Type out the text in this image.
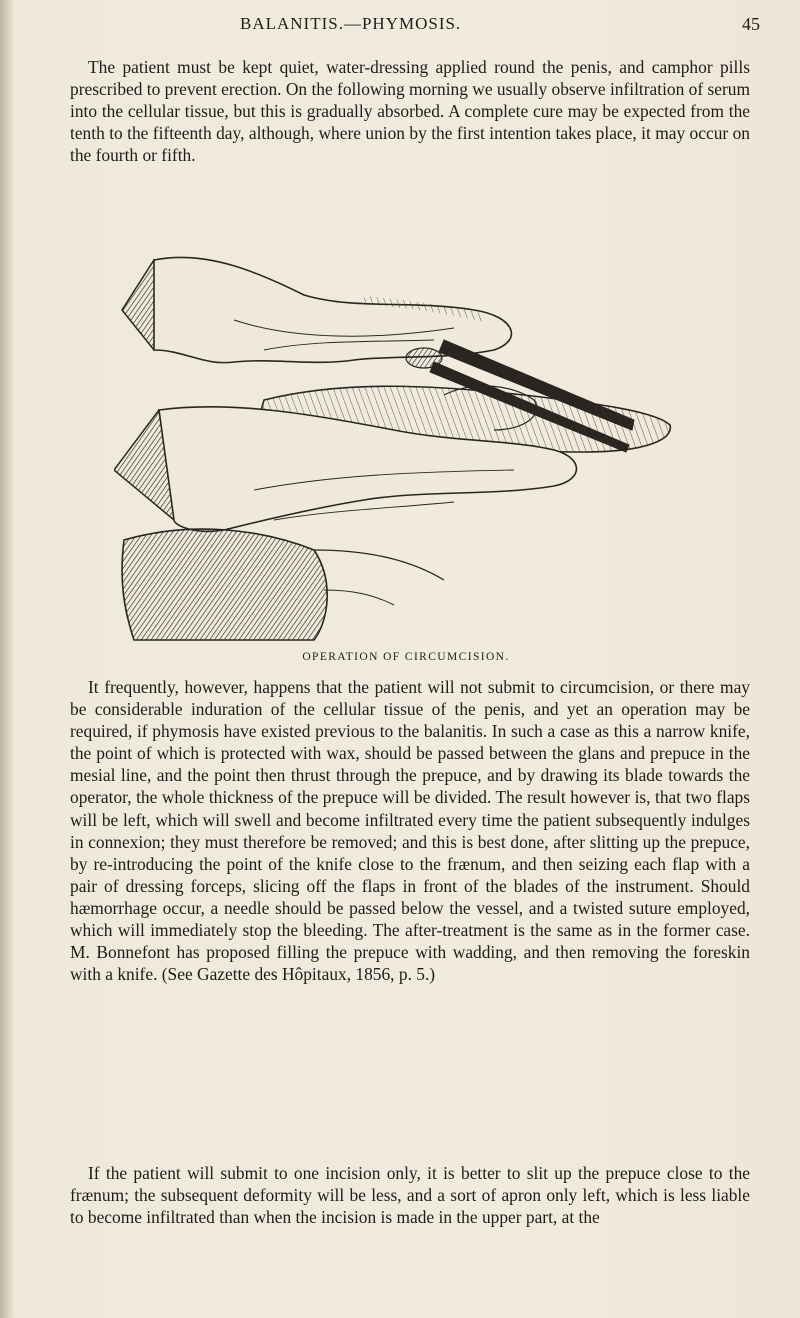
BALANITIS.—PHYMOSIS.	45

The patient must be kept quiet, water-dressing applied round the penis, and camphor pills prescribed to prevent erection. On the following morning we usually observe infiltration of serum into the cellular tissue, but this is gradually absorbed. A complete cure may be expected from the tenth to the fifteenth day, although, where union by the first intention takes place, it may occur on the fourth or fifth.

OPERATION OF CIRCUMCISION.

It frequently, however, happens that the patient will not submit to circumcision, or there may be considerable induration of the cellular tissue of the penis, and yet an operation may be required, if phymosis have existed previous to the balanitis. In such a case as this a narrow knife, the point of which is protected with wax, should be passed between the glans and prepuce in the mesial line, and the point then thrust through the prepuce, and by drawing its blade towards the operator, the whole thickness of the prepuce will be divided. The result however is, that two flaps will be left, which will swell and become infiltrated every time the patient subsequently indulges in connexion; they must therefore be removed; and this is best done, after slitting up the prepuce, by re-introducing the point of the knife close to the frænum, and then seizing each flap with a pair of dressing forceps, slicing off the flaps in front of the blades of the instrument. Should hæmorrhage occur, a needle should be passed below the vessel, and a twisted suture employed, which will immediately stop the bleeding. The after-treatment is the same as in the former case. M. Bonnefont has proposed filling the prepuce with wadding, and then removing the foreskin with a knife. (See Gazette des Hôpitaux, 1856, p. 5.)

If the patient will submit to one incision only, it is better to slit up the prepuce close to the frænum; the subsequent deformity will be less, and a sort of apron only left, which is less liable to become infiltrated than when the incision is made in the upper part, at the
